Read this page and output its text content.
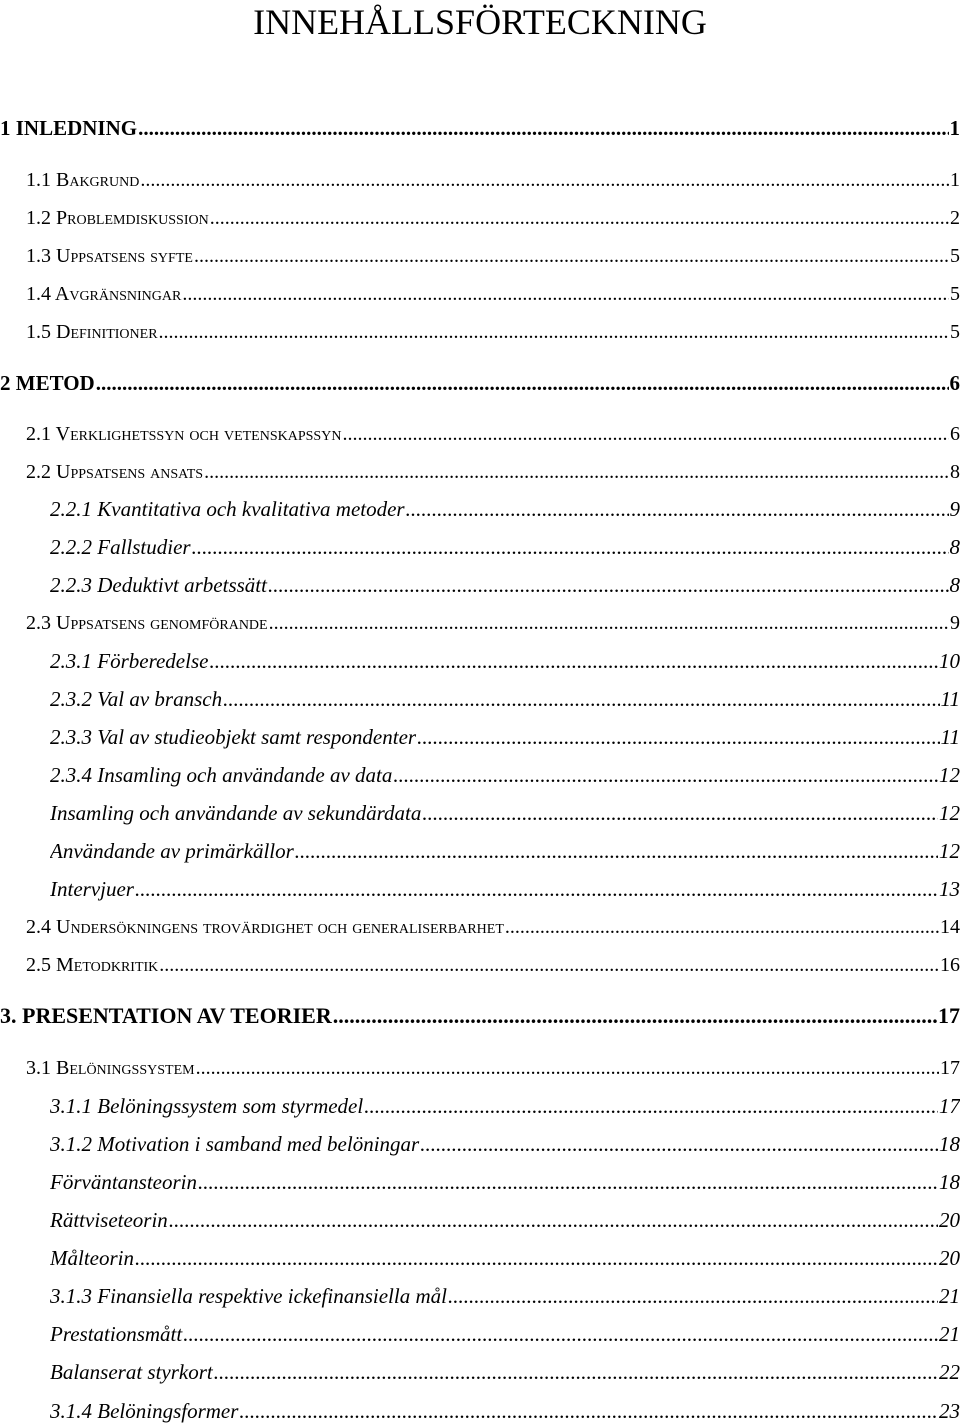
INNEHÅLLSFÖRTECKNING
1 INLEDNING .....	1
1.1 Bakgrund .....	1
1.2 Problemdiskussion .....	2
1.3 Uppsatsens syfte .....	5
1.4 Avgränsningar .....	5
1.5 Definitioner .....	5
2 METOD .....	6
2.1 Verklighetssyn och vetenskapssyn .....	6
2.2 Uppsatsens ansats .....	8
2.2.1 Kvantitativa och kvalitativa metoder .....	9
2.2.2 Fallstudier .....	8
2.2.3 Deduktivt arbetssätt .....	8
2.3 Uppsatsens genomförande .....	9
2.3.1 Förberedelse .....	10
2.3.2 Val av bransch .....	11
2.3.3 Val av studieobjekt samt respondenter .....	11
2.3.4 Insamling och användande av data .....	12
Insamling och användande av sekundärdata .....	12
Användande av primärkällor .....	12
Intervjuer .....	13
2.4 Undersökningens trovärdighet och generaliserbarhet .....	14
2.5 Metodkritik .....	16
3. PRESENTATION AV TEORIER .....	17
3.1 Belöningssystem .....	17
3.1.1 Belöningssystem som styrmedel .....	17
3.1.2 Motivation i samband med belöningar .....	18
Förväntansteorin .....	18
Rättviseteorin .....	20
Målteorin .....	20
3.1.3 Finansiella respektive ickefinansiella mål .....	21
Prestationsmått .....	21
Balanserat styrkort .....	22
3.1.4 Belöningsformer .....	23
